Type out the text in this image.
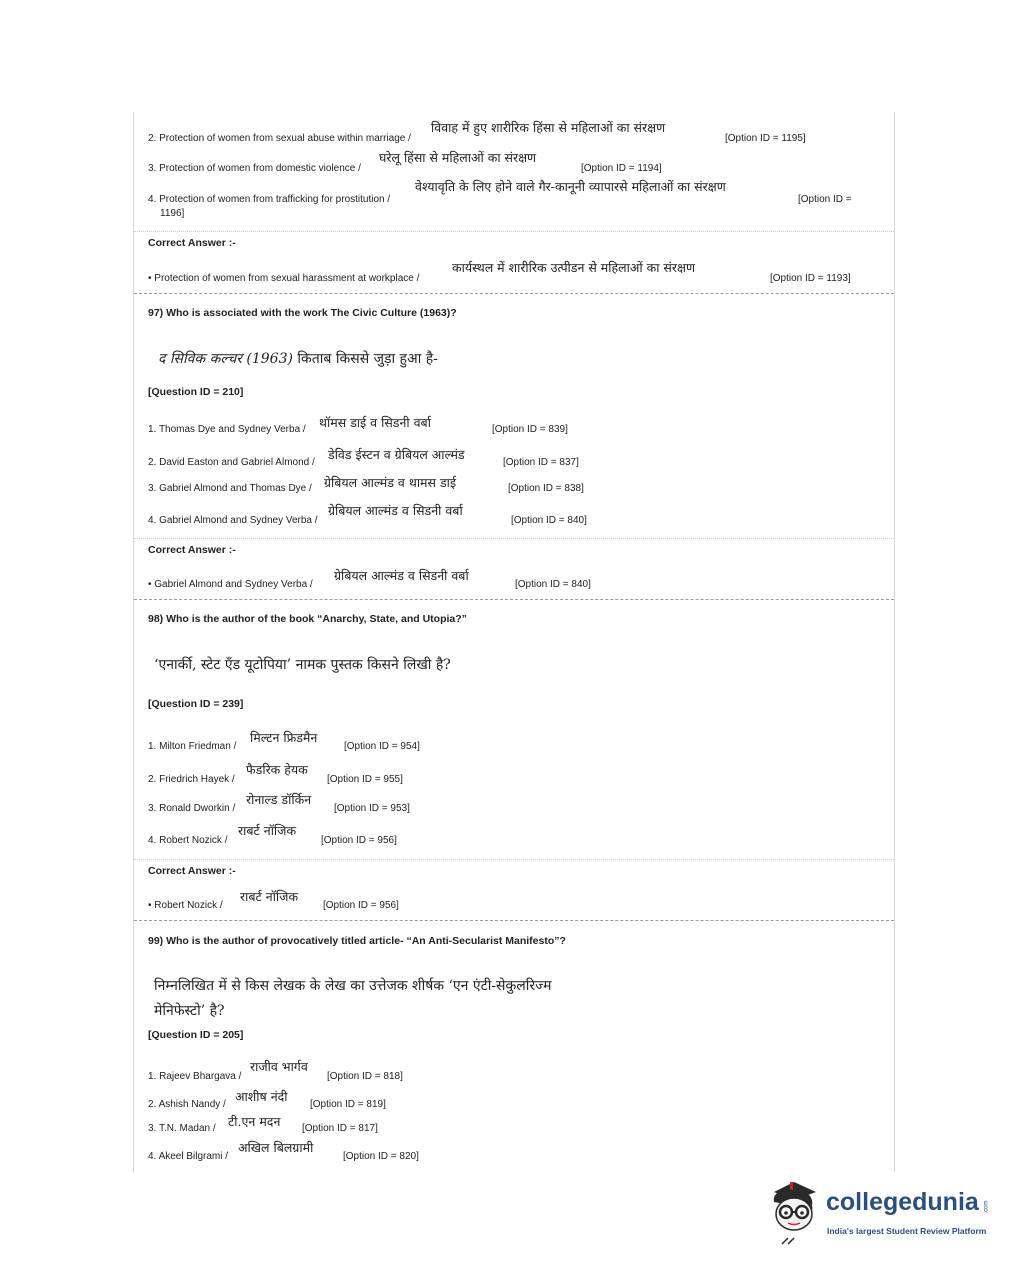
विवाह में हुए शारीरिक हिंसा से महिलाओं का संरक्षण
2. Protection of women from sexual abuse within marriage /	[Option ID = 1195]
घरेलू हिंसा से महिलाओं का संरक्षण
3. Protection of women from domestic violence /	[Option ID = 1194]
वेश्यावृति के लिए होने वाले गैर-कानूनी व्यापारसे महिलाओं का संरक्षण
4. Protection of women from trafficking for prostitution /	[Option ID =
1196]
Correct Answer :-
कार्यस्थल में शारीरिक उत्पीडन से महिलाओं का संरक्षण
• Protection of women from sexual harassment at workplace /	[Option ID = 1193]
97) Who is associated with the work The Civic Culture (1963)?
द सिविक कल्चर (1963) किताब किससे जुड़ा हुआ है-
[Question ID = 210]
थॉमस डाई व सिडनी वर्बा
1. Thomas Dye and Sydney Verba /	[Option ID = 839]
डेविड ईस्टन व ग्रेबियल आल्मंड
2. David Easton and Gabriel Almond /	[Option ID = 837]
ग्रेबियल आल्मंड व थामस डाई
3. Gabriel Almond and Thomas Dye /	[Option ID = 838]
ग्रेबियल आल्मंड व सिडनी वर्बा
4. Gabriel Almond and Sydney Verba /	[Option ID = 840]
Correct Answer :-
ग्रेबियल आल्मंड व सिडनी वर्बा
• Gabriel Almond and Sydney Verba /	[Option ID = 840]
98) Who is the author of the book “Anarchy, State, and Utopia?”
‘एनार्की, स्टेट एँड यूटोपिया’ नामक पुस्तक किसने लिखी है?
[Question ID = 239]
मिल्टन फ्रिडमैन
1. Milton Friedman /	[Option ID = 954]
फैडरिक हेयक
2. Friedrich Hayek /	[Option ID = 955]
रोनाल्ड डॉर्किन
3. Ronald Dworkin /	[Option ID = 953]
राबर्ट नॉजिक
4. Robert Nozick /	[Option ID = 956]
Correct Answer :-
राबर्ट नॉजिक
• Robert Nozick /	[Option ID = 956]
99) Who is the author of provocatively titled article- “An Anti-Secularist Manifesto”?
निम्नलिखित में से किस लेखक के लेख का उत्तेजक शीर्षक ‘एन एंटी-सेकुलरिज्म
मेनिफेस्टो’ है?
[Question ID = 205]
राजीव भार्गव
1. Rajeev Bhargava /	[Option ID = 818]
आशीष नंदी
2. Ashish Nandy /	[Option ID = 819]
टी.एन मदन
3. T.N. Madan /	[Option ID = 817]
अखिल बिलग्रामी
4. Akeel Bilgrami /	[Option ID = 820]
collegedunia .com
India's largest Student Review Platform
